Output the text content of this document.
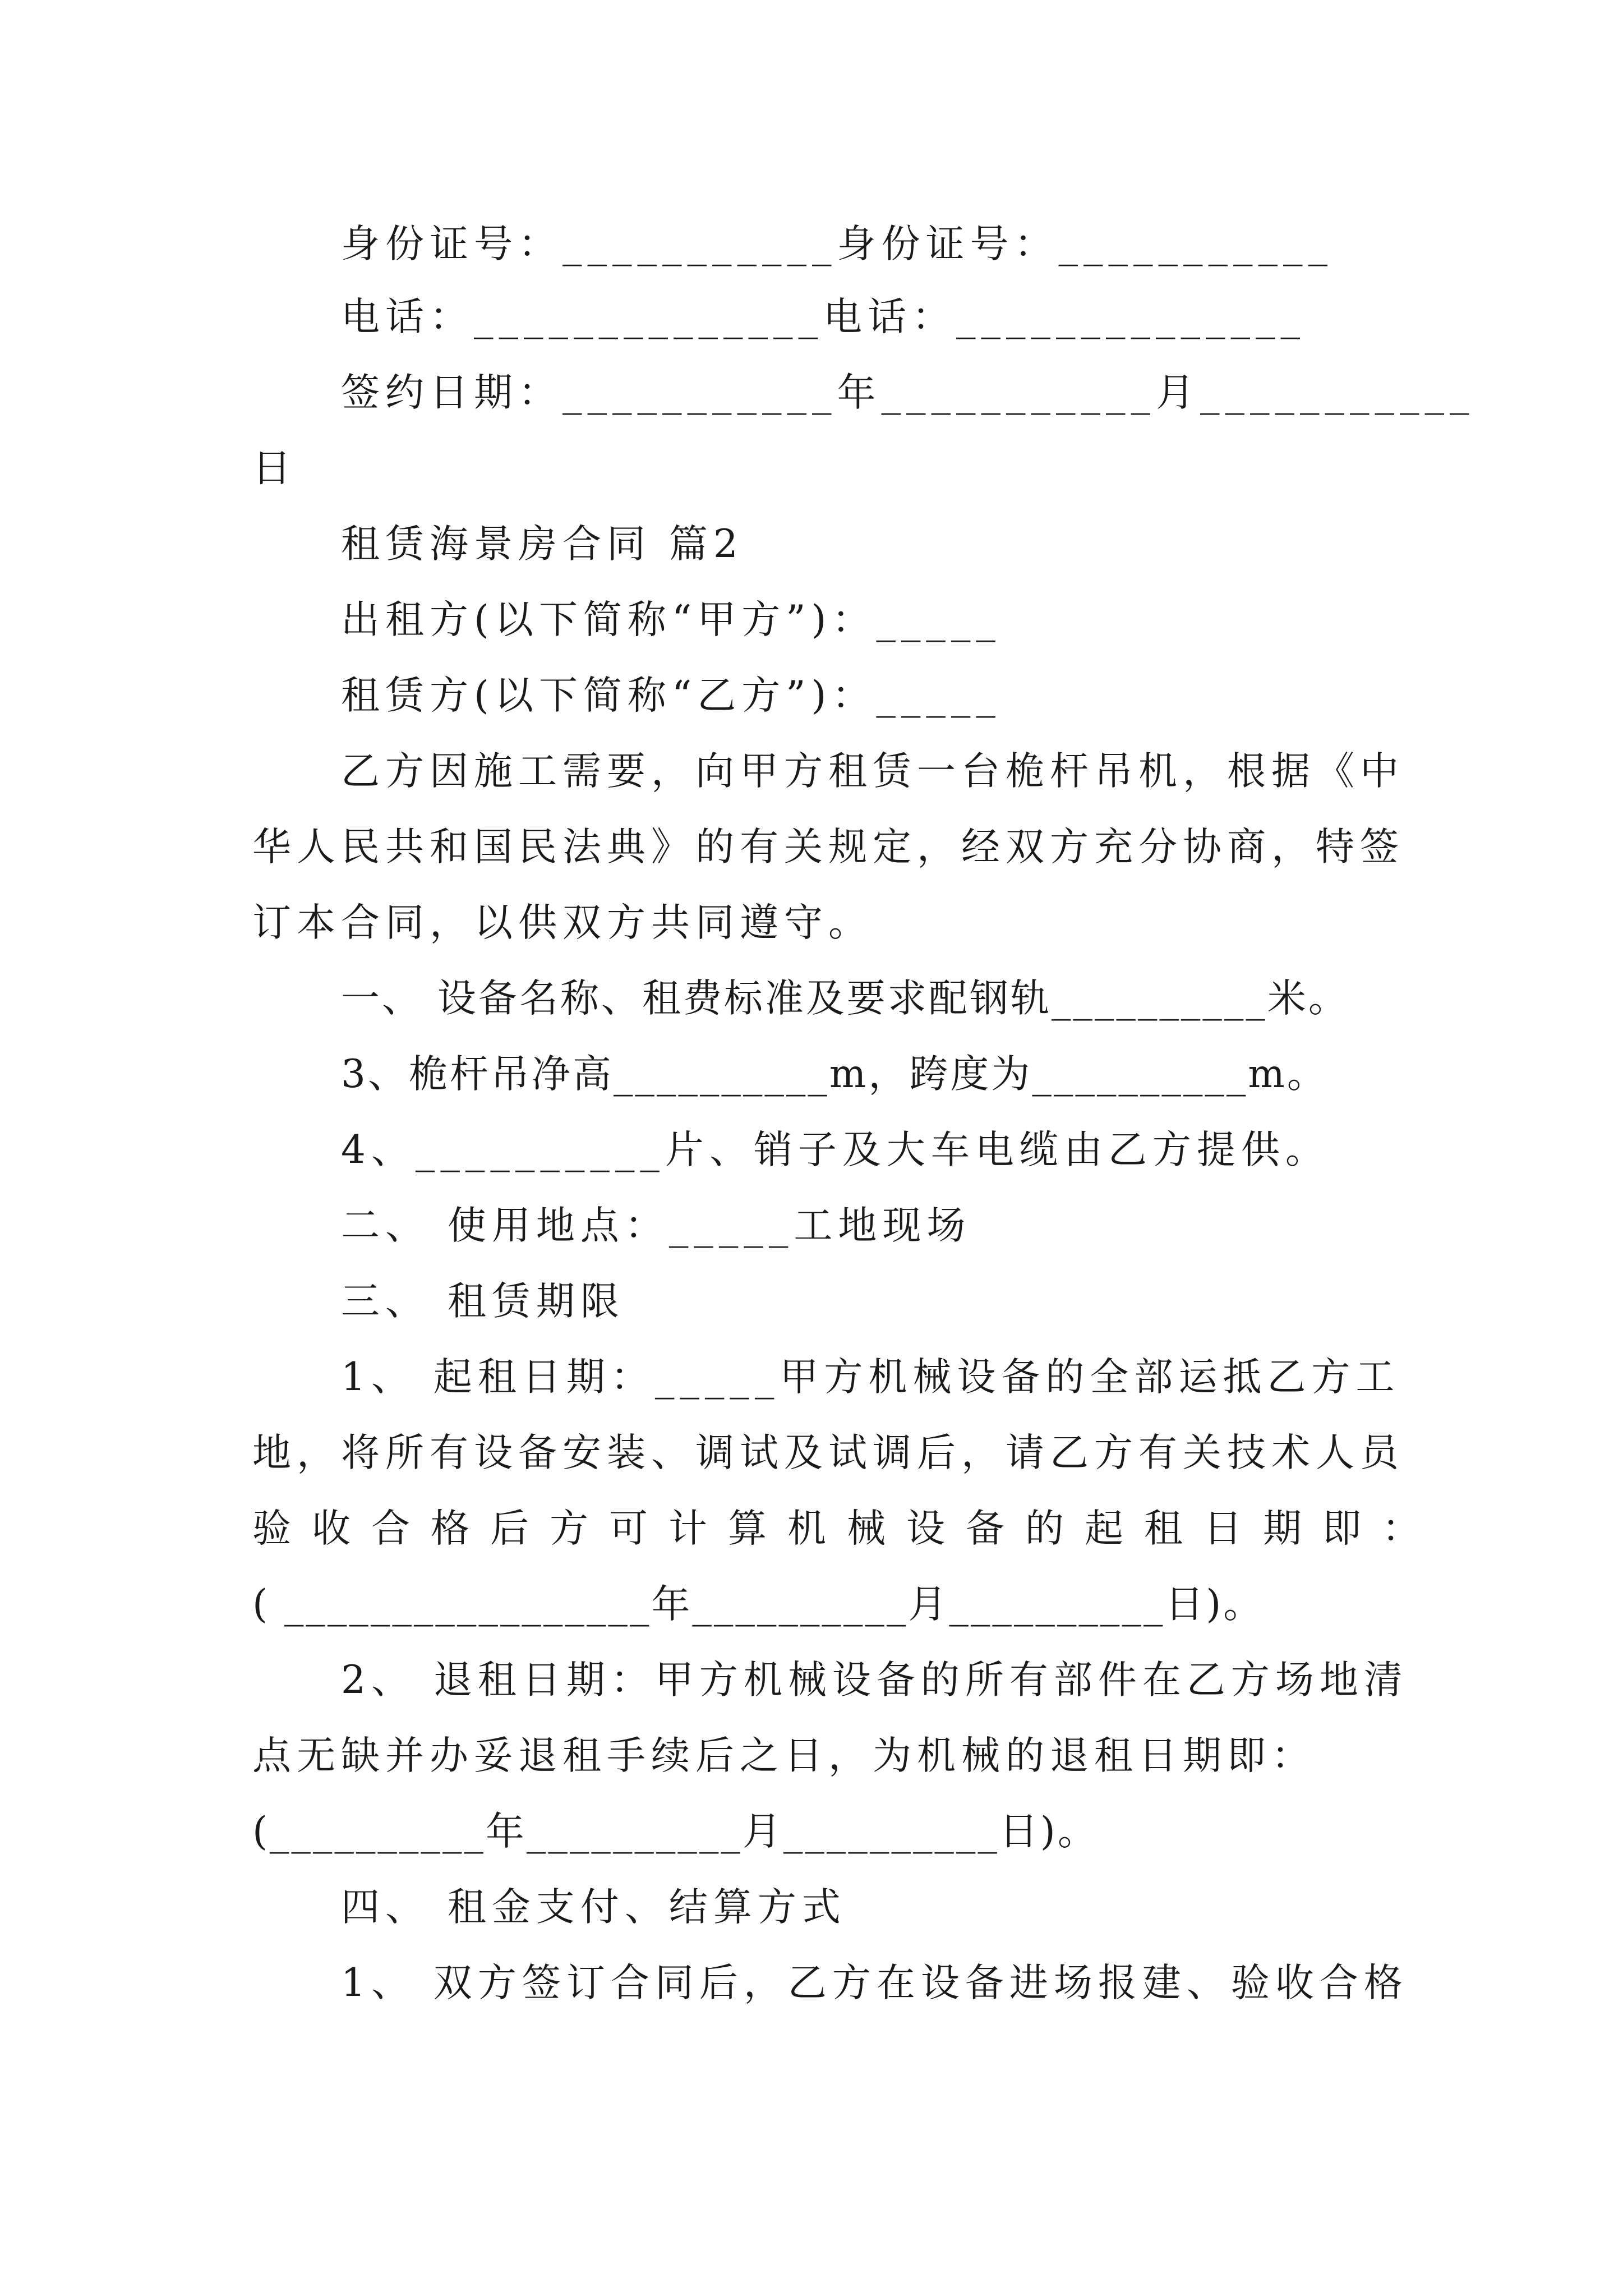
身份证号：___________身份证号：___________
电话：______________电话：______________
签约日期：___________年___________月___________
日
租赁海景房合同 篇2
出租方(以下简称“甲方”)：_____
租赁方(以下简称“乙方”)：_____
乙方因施工需要，向甲方租赁一台桅杆吊机，根据《中
华人民共和国民法典》的有关规定，经双方充分协商，特签
订本合同，以供双方共同遵守。
一、 设备名称、租费标准及要求配钢轨__________米。
3、桅杆吊净高__________m，跨度为__________m。
4、__________片、销子及大车电缆由乙方提供。
二、 使用地点：_____工地现场
三、 租赁期限
1、 起租日期：_____甲方机械设备的全部运抵乙方工
地，将所有设备安装、调试及试调后，请乙方有关技术人员
验收合格后方可计算机械设备的起租日期即：
( _________________年__________月__________日)。
2、 退租日期：甲方机械设备的所有部件在乙方场地清
点无缺并办妥退租手续后之日，为机械的退租日期即：
(__________年__________月__________日)。
四、 租金支付、结算方式
1、 双方签订合同后，乙方在设备进场报建、验收合格
